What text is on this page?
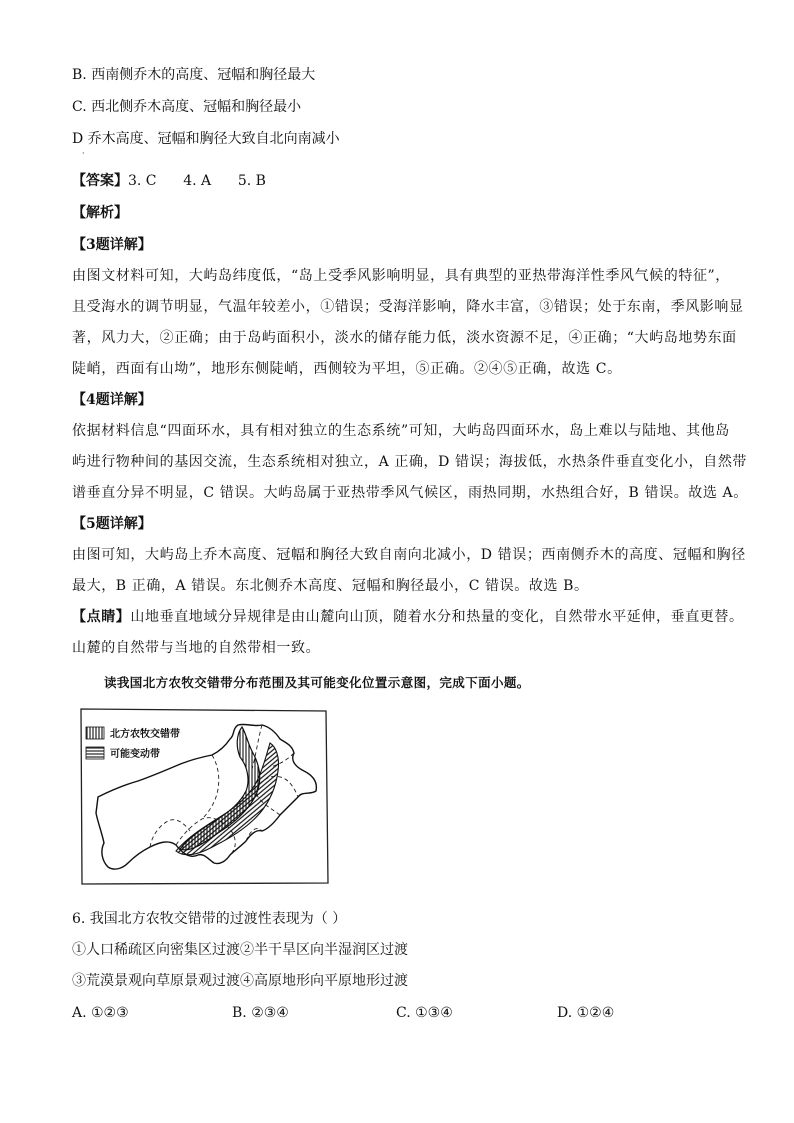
B. 西南侧乔木的高度、冠幅和胸径最大
C. 西北侧乔木高度、冠幅和胸径最小
D 乔木高度、冠幅和胸径大致自北向南减小
·
【答案】3. C      4. A      5. B
【解析】
【3题详解】
由图文材料可知，大屿岛纬度低，“岛上受季风影响明显，具有典型的亚热带海洋性季风气候的特征”，
且受海水的调节明显，气温年较差小，①错误；受海洋影响，降水丰富，③错误；处于东南，季风影响显
著，风力大，②正确；由于岛屿面积小，淡水的储存能力低，淡水资源不足，④正确；“大屿岛地势东面
陡峭，西面有山坳”，地形东侧陡峭，西侧较为平坦，⑤正确。②④⑤正确，故选 C。
【4题详解】
依据材料信息“四面环水，具有相对独立的生态系统”可知，大屿岛四面环水，岛上难以与陆地、其他岛
屿进行物种间的基因交流，生态系统相对独立，A 正确，D 错误；海拔低，水热条件垂直变化小，自然带
谱垂直分异不明显，C 错误。大屿岛属于亚热带季风气候区，雨热同期，水热组合好，B 错误。故选 A。
【5题详解】
由图可知，大屿岛上乔木高度、冠幅和胸径大致自南向北减小，D 错误；西南侧乔木的高度、冠幅和胸径
最大，B 正确，A 错误。东北侧乔木高度、冠幅和胸径最小，C 错误。故选 B。
【点睛】山地垂直地域分异规律是由山麓向山顶，随着水分和热量的变化，自然带水平延伸，垂直更替。
山麓的自然带与当地的自然带相一致。
读我国北方农牧交错带分布范围及其可能变化位置示意图，完成下面小题。
北方农牧交错带
可能变动带
6. 我国北方农牧交错带的过渡性表现为（ ）
①人口稀疏区向密集区过渡②半干旱区向半湿润区过渡
③荒漠景观向草原景观过渡④高原地形向平原地形过渡
A. ①②③	B. ②③④	C. ①③④	D. ①②④
